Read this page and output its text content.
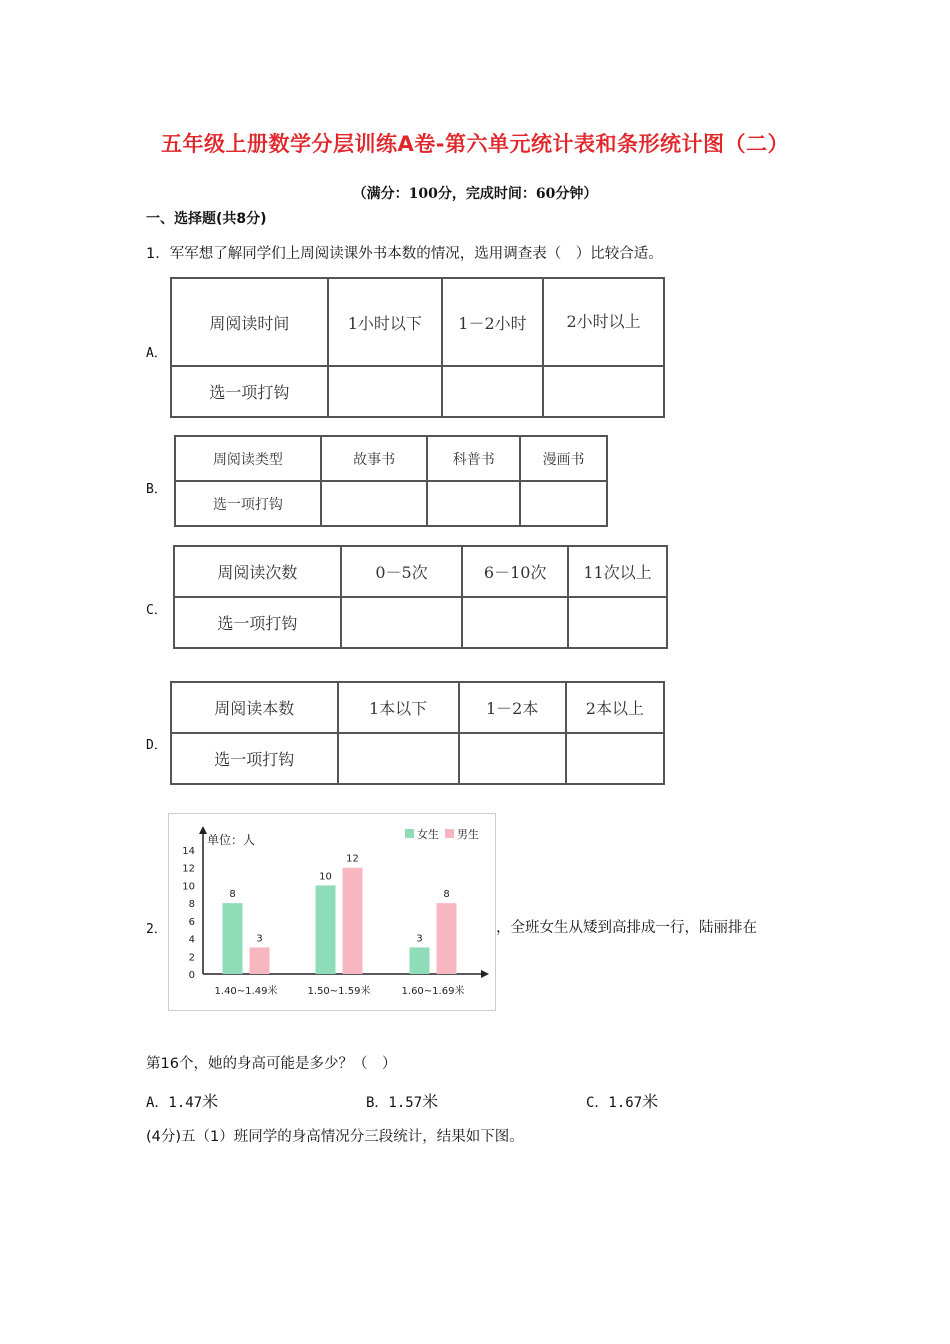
五年级上册数学分层训练A卷-第六单元统计表和条形统计图（二）
（满分：100分，完成时间：60分钟）
一、选择题(共8分)
1．军军想了解同学们上周阅读课外书本数的情况，选用调查表（　）比较合适。
A．
周阅读时间	1小时以下	1－2小时	2小时以上
选一项打钩			
B．
周阅读类型	故事书	科普书	漫画书
选一项打钩			
C．
周阅读次数	0－5次	6－10次	11次以上
选一项打钩			
D．
周阅读本数	1本以下	1－2本	2本以上
选一项打钩			
2．
单位：人
0
2
4
6
8
10
12
14
女生 男生
8
3
1.40~1.49米
10
12
1.50~1.59米
3
8
1.60~1.69米
，全班女生从矮到高排成一行，陆丽排在
第16个，她的身高可能是多少？（　）
A．1.47米	B．1.57米	C．1.67米
(4分)五（1）班同学的身高情况分三段统计，结果如下图。
